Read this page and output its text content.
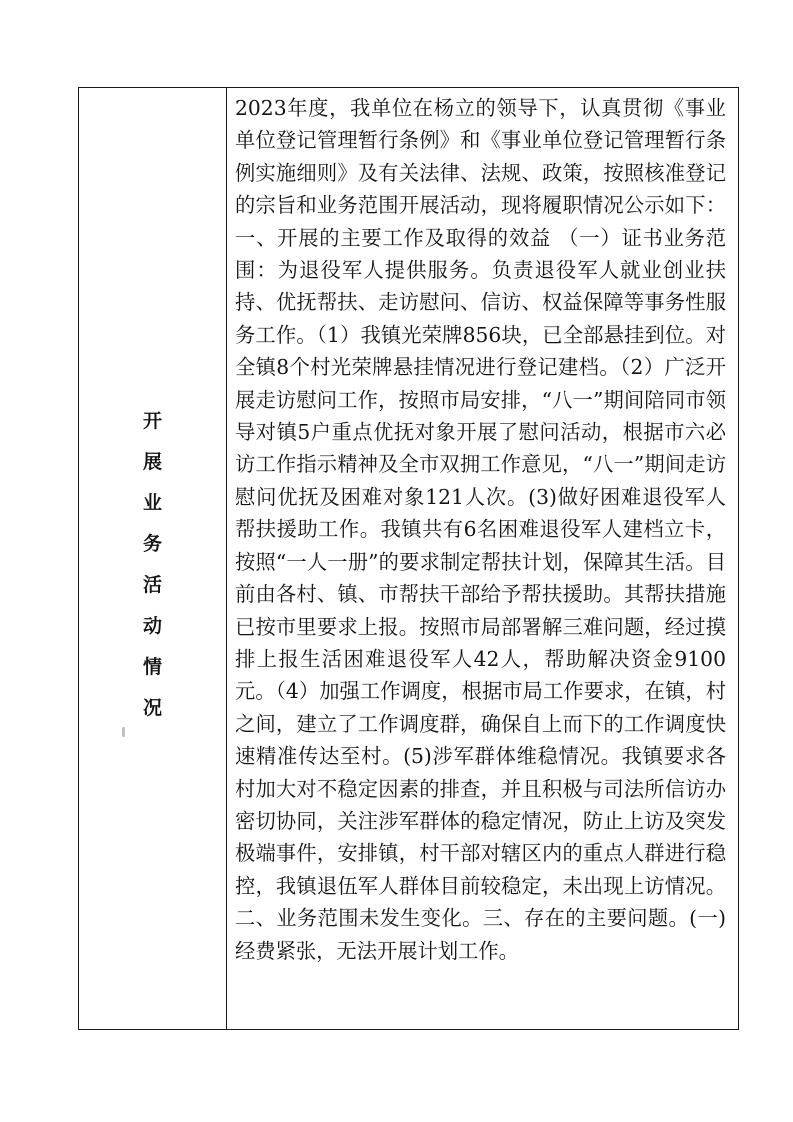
开
展
业
务
活
动
情
况

2023年度，我单位在杨立的领导下，认真贯彻《事业单位登记管理暂行条例》和《事业单位登记管理暂行条例实施细则》及有关法律、法规、政策，按照核准登记的宗旨和业务范围开展活动，现将履职情况公示如下： 一、开展的主要工作及取得的效益 （一）证书业务范围：为退役军人提供服务。负责退役军人就业创业扶持、优抚帮扶、走访慰问、信访、权益保障等事务性服务工作。（1）我镇光荣牌856块，已全部悬挂到位。对全镇8个村光荣牌悬挂情况进行登记建档。（2）广泛开展走访慰问工作，按照市局安排，“八一”期间陪同市领导对镇5户重点优抚对象开展了慰问活动，根据市六必访工作指示精神及全市双拥工作意见，“八一”期间走访慰问优抚及困难对象121人次。(3)做好困难退役军人帮扶援助工作。我镇共有6名困难退役军人建档立卡，按照“一人一册”的要求制定帮扶计划，保障其生活。目前由各村、镇、市帮扶干部给予帮扶援助。其帮扶措施已按市里要求上报。按照市局部署解三难问题，经过摸排上报生活困难退役军人42人，帮助解决资金9100元。（4）加强工作调度，根据市局工作要求，在镇，村之间，建立了工作调度群，确保自上而下的工作调度快速精准传达至村。(5)涉军群体维稳情况。我镇要求各村加大对不稳定因素的排查，并且积极与司法所信访办密切协同，关注涉军群体的稳定情况，防止上访及突发极端事件，安排镇，村干部对辖区内的重点人群进行稳控，我镇退伍军人群体目前较稳定，未出现上访情况。二、业务范围未发生变化。三、存在的主要问题。(一)经费紧张，无法开展计划工作。
